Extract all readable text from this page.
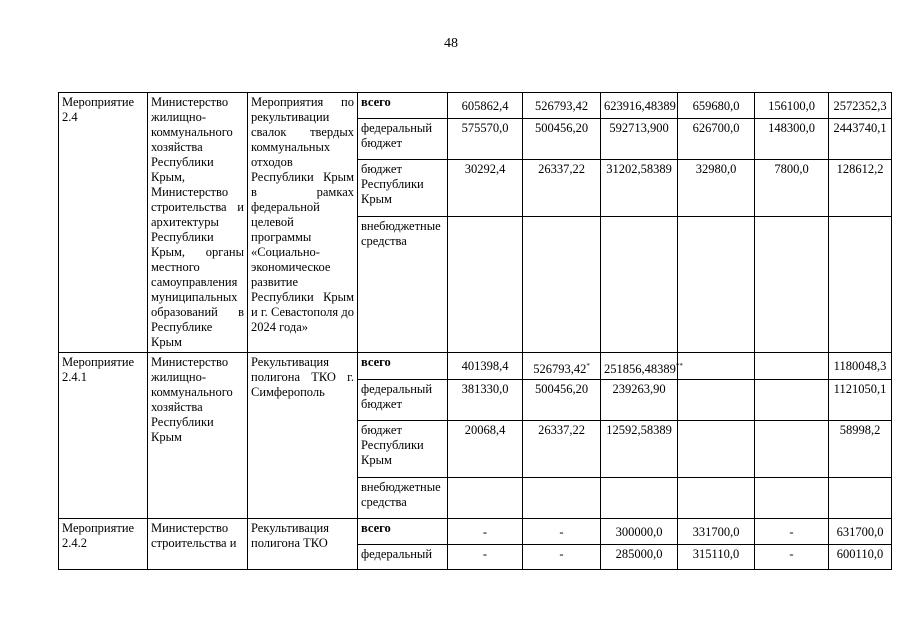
48
Мероприятие 2.4	Министерство жилищно-коммунального хозяйства Республики Крым, Министерство строительства и архитектуры Республики Крым, органы местного самоуправления муниципальных образований в Республике Крым	Мероприятия по рекультивации свалок твердых коммунальных отходов Республики Крым в рамках федеральной целевой программы «Социально-экономическое развитие Республики Крым и г. Севастополя до 2024 года»	всего	605862,4	526793,42	623916,48389	659680,0	156100,0	2572352,3
			федеральный бюджет	575570,0	500456,20	592713,900	626700,0	148300,0	2443740,1
			бюджет Республики Крым	30292,4	26337,22	31202,58389	32980,0	7800,0	128612,2
			внебюджетные средства						
Мероприятие 2.4.1	Министерство жилищно-коммунального хозяйства Республики Крым	Рекультивация полигона ТКО г. Симферополь	всего	401398,4	526793,42*	251856,48389**			1180048,3
			федеральный бюджет	381330,0	500456,20	239263,90			1121050,1
			бюджет Республики Крым	20068,4	26337,22	12592,58389			58998,2
			внебюджетные средства						
Мероприятие 2.4.2	Министерство строительства и	Рекультивация полигона ТКО	всего	-	-	300000,0	331700,0	-	631700,0
			федеральный	-	-	285000,0	315110,0	-	600110,0
